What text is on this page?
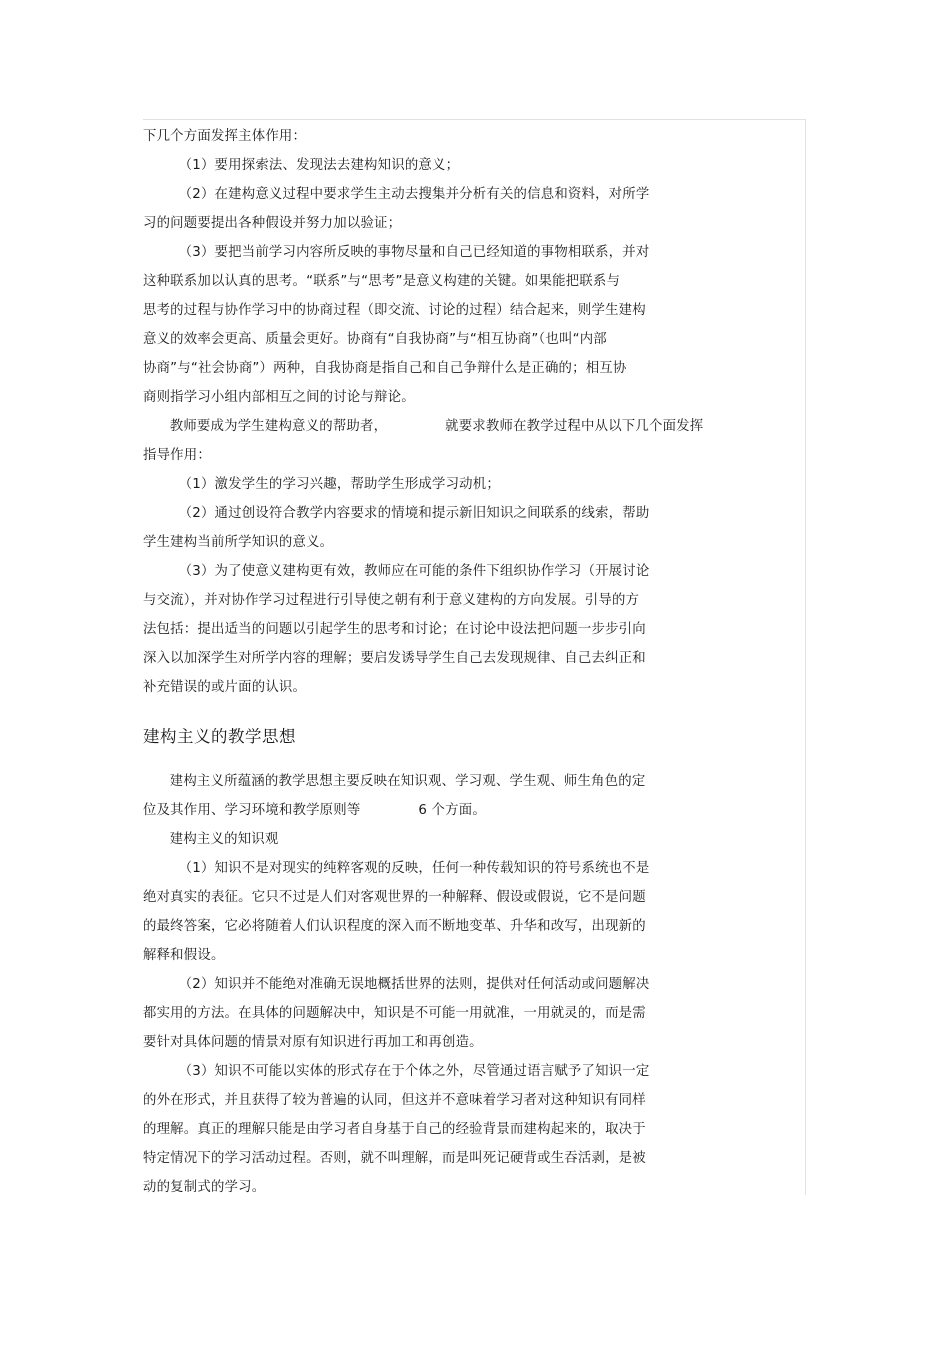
下几个方面发挥主体作用：
（1）要用探索法、发现法去建构知识的意义；
（2）在建构意义过程中要求学生主动去搜集并分析有关的信息和资料，对所学
习的问题要提出各种假设并努力加以验证；
（3）要把当前学习内容所反映的事物尽量和自己已经知道的事物相联系，并对
这种联系加以认真的思考。“联系”与“思考”是意义构建的关键。如果能把联系与
思考的过程与协作学习中的协商过程（即交流、讨论的过程）结合起来，则学生建构
意义的效率会更高、质量会更好。协商有“自我协商”与“相互协商”（也叫“内部
协商”与“社会协商”）两种，自我协商是指自己和自己争辩什么是正确的；相互协
商则指学习小组内部相互之间的讨论与辩论。
教师要成为学生建构意义的帮助者，             就要求教师在教学过程中从以下几个面发挥
指导作用：
（1）激发学生的学习兴趣，帮助学生形成学习动机；
（2）通过创设符合教学内容要求的情境和提示新旧知识之间联系的线索，帮助
学生建构当前所学知识的意义。
（3）为了使意义建构更有效，教师应在可能的条件下组织协作学习（开展讨论
与交流），并对协作学习过程进行引导使之朝有利于意义建构的方向发展。引导的方
法包括：提出适当的问题以引起学生的思考和讨论；在讨论中设法把问题一步步引向
深入以加深学生对所学内容的理解；要启发诱导学生自己去发现规律、自己去纠正和
补充错误的或片面的认识。
建构主义的教学思想
建构主义所蕴涵的教学思想主要反映在知识观、学习观、学生观、师生角色的定
位及其作用、学习环境和教学原则等             6 个方面。
建构主义的知识观
（1）知识不是对现实的纯粹客观的反映，任何一种传载知识的符号系统也不是
绝对真实的表征。它只不过是人们对客观世界的一种解释、假设或假说，它不是问题
的最终答案，它必将随着人们认识程度的深入而不断地变革、升华和改写，出现新的
解释和假设。
（2）知识并不能绝对准确无误地概括世界的法则，提供对任何活动或问题解决
都实用的方法。在具体的问题解决中，知识是不可能一用就准，一用就灵的，而是需
要针对具体问题的情景对原有知识进行再加工和再创造。
（3）知识不可能以实体的形式存在于个体之外，尽管通过语言赋予了知识一定
的外在形式，并且获得了较为普遍的认同，但这并不意味着学习者对这种知识有同样
的理解。真正的理解只能是由学习者自身基于自己的经验背景而建构起来的，取决于
特定情况下的学习活动过程。否则，就不叫理解，而是叫死记硬背或生吞活剥，是被
动的复制式的学习。
